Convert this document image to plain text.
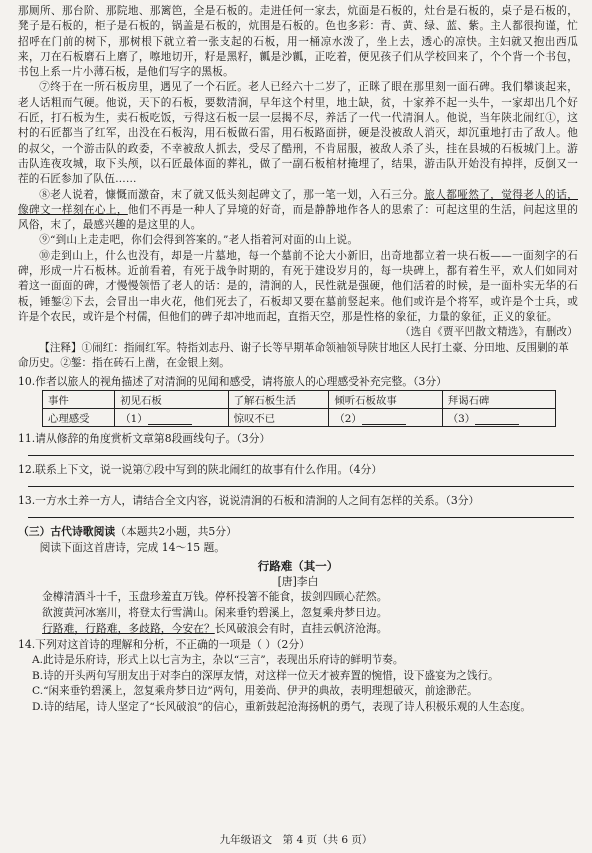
那厕所、那台阶、那院地、那篱笆，全是石板的。走进任何一家去，炕面是石板的，灶台是石板的，桌子是石板的，凳子是石板的，柜子是石板的，锅盖是石板的，炕围是石板的。色也多彩：青、黄、绿、蓝、紫。主人都很拘谨，忙招呼在门前的树下，那树根下就立着一张支起的石板，用一桶凉水泼了，坐上去，透心的凉快。主妇就又抱出西瓜来，刀在石板磨石上磨了，嚓地切开，籽是黑籽，瓤是沙瓤，正吃着，便见孩子们从学校回来了，个个背一个书包，书包上系一片小薄石板，是他们写字的黑板。

⑦终于在一所石板房里，遇见了一个石匠。老人已经六十二岁了，正眯了眼在那里刻一面石碑。我们攀谈起来，老人话粗而气硬。他说，天下的石板，要数清涧，早年这个村里，地土缺，贫，十家养不起一头牛，一家却出几个好石匠，打石板为生，卖石板吃饭，亏得这石板一层一层揭不尽，养活了一代一代清涧人。他说，当年陕北闹红①，这村的石匠都当了红军，出没在石板沟，用石板做石雷，用石板路面拼，硬是没被敌人消灭，却沉重地打击了敌人。他的叔父，一个游击队的政委，不幸被敌人抓去，受尽了酷刑，不肯屈服，被敌人杀了头，挂在县城的石板城门上。游击队连夜攻城，取下头颅，以石匠最体面的葬礼，做了一副石板棺材掩埋了，结果，游击队开始没有掉拌，反倒又一茬的石匠参加了队伍……

⑧老人说着，慷慨而激奋，末了就又低头刻起碑文了，那一笔一划，入石三分。旅人都哑然了，觉得老人的话，像碑文一样刻在心上，他们不再是一种人了异境的好奇，而是静静地作各人的思索了：可起这里的生活，问起这里的风俗，末了，最感兴趣的是这里的人。

⑨“到山上走走吧，你们会得到答案的。”老人指着河对面的山上说。

⑩走到山上，什么也没有，却是一片墓地，每一个墓前不论大小新旧，出奇地都立着一块石板——一面刻字的石碑，形成一片石板林。近前看着，有死于战争时期的，有死于建设岁月的，每一块碑上，都有着生平，欢人们如同对着这一面面的碑，才慢慢领悟了老人的话：是的，清涧的人，民性就是强硬，他们活着的时候，是一面朴实无华的石板，锤錾②下去，会冒出一串火花，他们死去了，石板却又要在墓前竖起来。他们或许是个将军，或许是个士兵，或许是个农民，或许是个村儒，但他们的碑子却冲地而起，直指天空，那是性格的象征，力量的象征，正义的象征。

（选自《贾平凹散文精选》，有删改）

【注释】①闹红：指闹红军。特指刘志丹、谢子长等早期革命领袖领导陕甘地区人民打土豪、分田地、反围剿的革命历史。②錾：指在砖石上凿，在金银上刻。

10.作者以旅人的视角描述了对清涧的见闻和感受，请将旅人的心理感受补充完整。（3分）

事件	初见石板	了解石板生活	倾听石板故事	拜谒石碑
心理感受	（1）	惊叹不已	（2）	（3）

11.请从修辞的角度赏析文章第8段画线句子。（3分）

12.联系上下文，说一说第⑦段中写到的陕北闹红的故事有什么作用。（4分）

13.一方水土养一方人，请结合全文内容，说说清涧的石板和清涧的人之间有怎样的关系。（3分）

（三）古代诗歌阅读（本题共2小题，共5分）

阅读下面这首唐诗，完成 14～15 题。

行路难（其一）

[唐]李白

金樽清酒斗十千，玉盘珍羞直万钱。停杯投箸不能食，拔剑四顾心茫然。

欲渡黄河冰塞川，将登太行雪满山。闲来垂钓碧溪上，忽复乘舟梦日边。

行路难，行路难，多歧路，今安在？长风破浪会有时，直挂云帆济沧海。

14.下列对这首诗的理解和分析，不正确的一项是（ ）（2分）

A.此诗是乐府诗，形式上以七言为主，杂以“三言”，表现出乐府诗的鲜明节奏。

B.诗的开头两句写朋友出于对李白的深厚友情，对这样一位天才被弃置的惋惜，设下盛宴为之饯行。

C.“闲来垂钓碧溪上，忽复乘舟梦日边”两句，用姜尚、伊尹的典故，表明理想破灭，前途渺茫。

D.诗的结尾，诗人坚定了“长风破浪”的信心，重新鼓起沧海扬帆的勇气，表现了诗人积极乐观的人生态度。

九年级语文　第 4 页（共 6 页）
